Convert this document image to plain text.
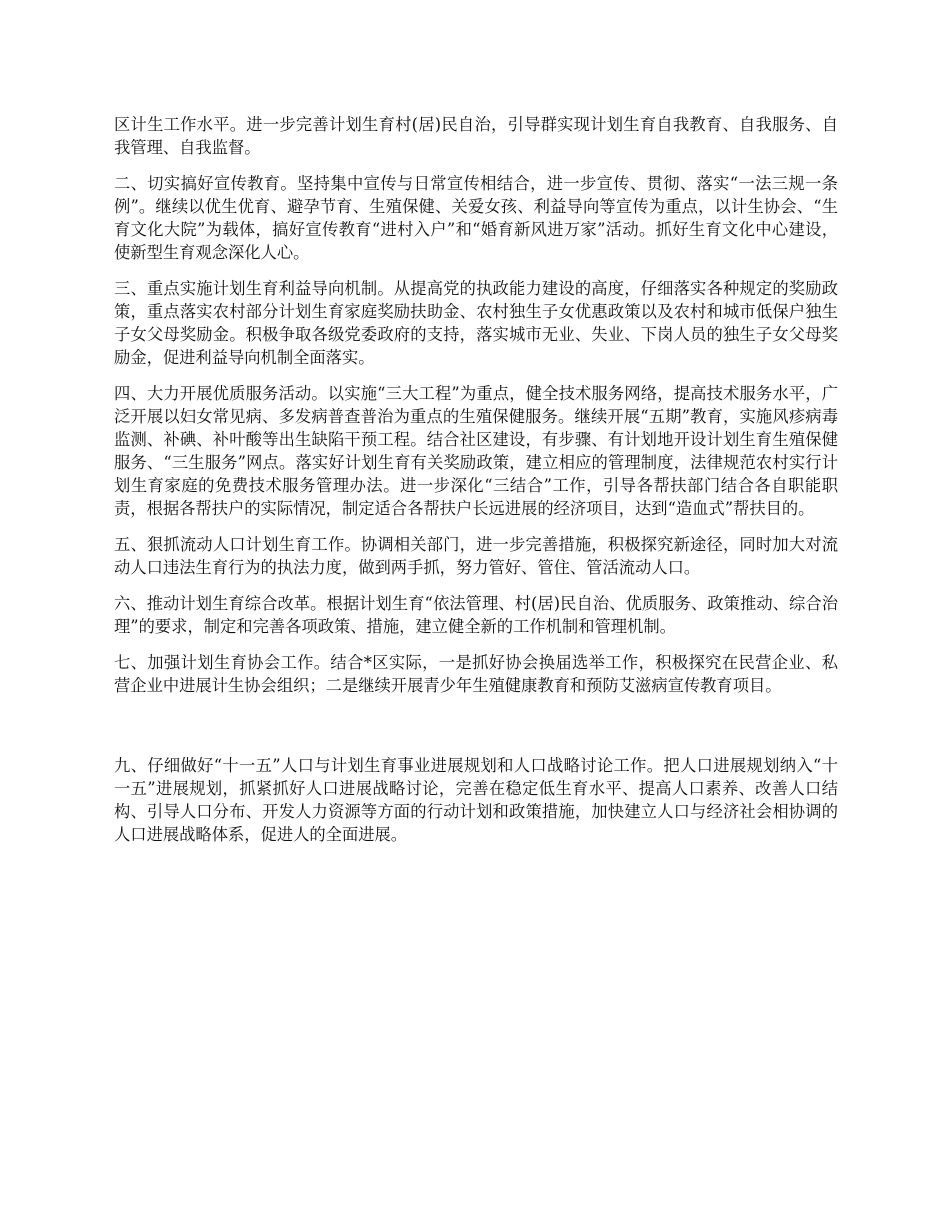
区计生工作水平。进一步完善计划生育村(居)民自治，引导群实现计划生育自我教育、自我服务、自我管理、自我监督。

二、切实搞好宣传教育。坚持集中宣传与日常宣传相结合，进一步宣传、贯彻、落实“一法三规一条例”。继续以优生优育、避孕节育、生殖保健、关爱女孩、利益导向等宣传为重点，以计生协会、“生育文化大院”为载体，搞好宣传教育“进村入户”和“婚育新风进万家”活动。抓好生育文化中心建设，使新型生育观念深化人心。

三、重点实施计划生育利益导向机制。从提高党的执政能力建设的高度，仔细落实各种规定的奖励政策，重点落实农村部分计划生育家庭奖励扶助金、农村独生子女优惠政策以及农村和城市低保户独生子女父母奖励金。积极争取各级党委政府的支持，落实城市无业、失业、下岗人员的独生子女父母奖励金，促进利益导向机制全面落实。

四、大力开展优质服务活动。以实施“三大工程”为重点，健全技术服务网络，提高技术服务水平，广泛开展以妇女常见病、多发病普查普治为重点的生殖保健服务。继续开展“五期”教育，实施风疹病毒监测、补碘、补叶酸等出生缺陷干预工程。结合社区建设，有步骤、有计划地开设计划生育生殖保健服务、“三生服务”网点。落实好计划生育有关奖励政策，建立相应的管理制度，法律规范农村实行计划生育家庭的免费技术服务管理办法。进一步深化“三结合”工作，引导各帮扶部门结合各自职能职责，根据各帮扶户的实际情况，制定适合各帮扶户长远进展的经济项目，达到“造血式”帮扶目的。

五、狠抓流动人口计划生育工作。协调相关部门，进一步完善措施，积极探究新途径，同时加大对流动人口违法生育行为的执法力度，做到两手抓，努力管好、管住、管活流动人口。

六、推动计划生育综合改革。根据计划生育“依法管理、村(居)民自治、优质服务、政策推动、综合治理”的要求，制定和完善各项政策、措施，建立健全新的工作机制和管理机制。

七、加强计划生育协会工作。结合*区实际，一是抓好协会换届选举工作，积极探究在民营企业、私营企业中进展计生协会组织；二是继续开展青少年生殖健康教育和预防艾滋病宣传教育项目。

九、仔细做好“十一五”人口与计划生育事业进展规划和人口战略讨论工作。把人口进展规划纳入“十一五”进展规划，抓紧抓好人口进展战略讨论，完善在稳定低生育水平、提高人口素养、改善人口结构、引导人口分布、开发人力资源等方面的行动计划和政策措施，加快建立人口与经济社会相协调的人口进展战略体系，促进人的全面进展。
